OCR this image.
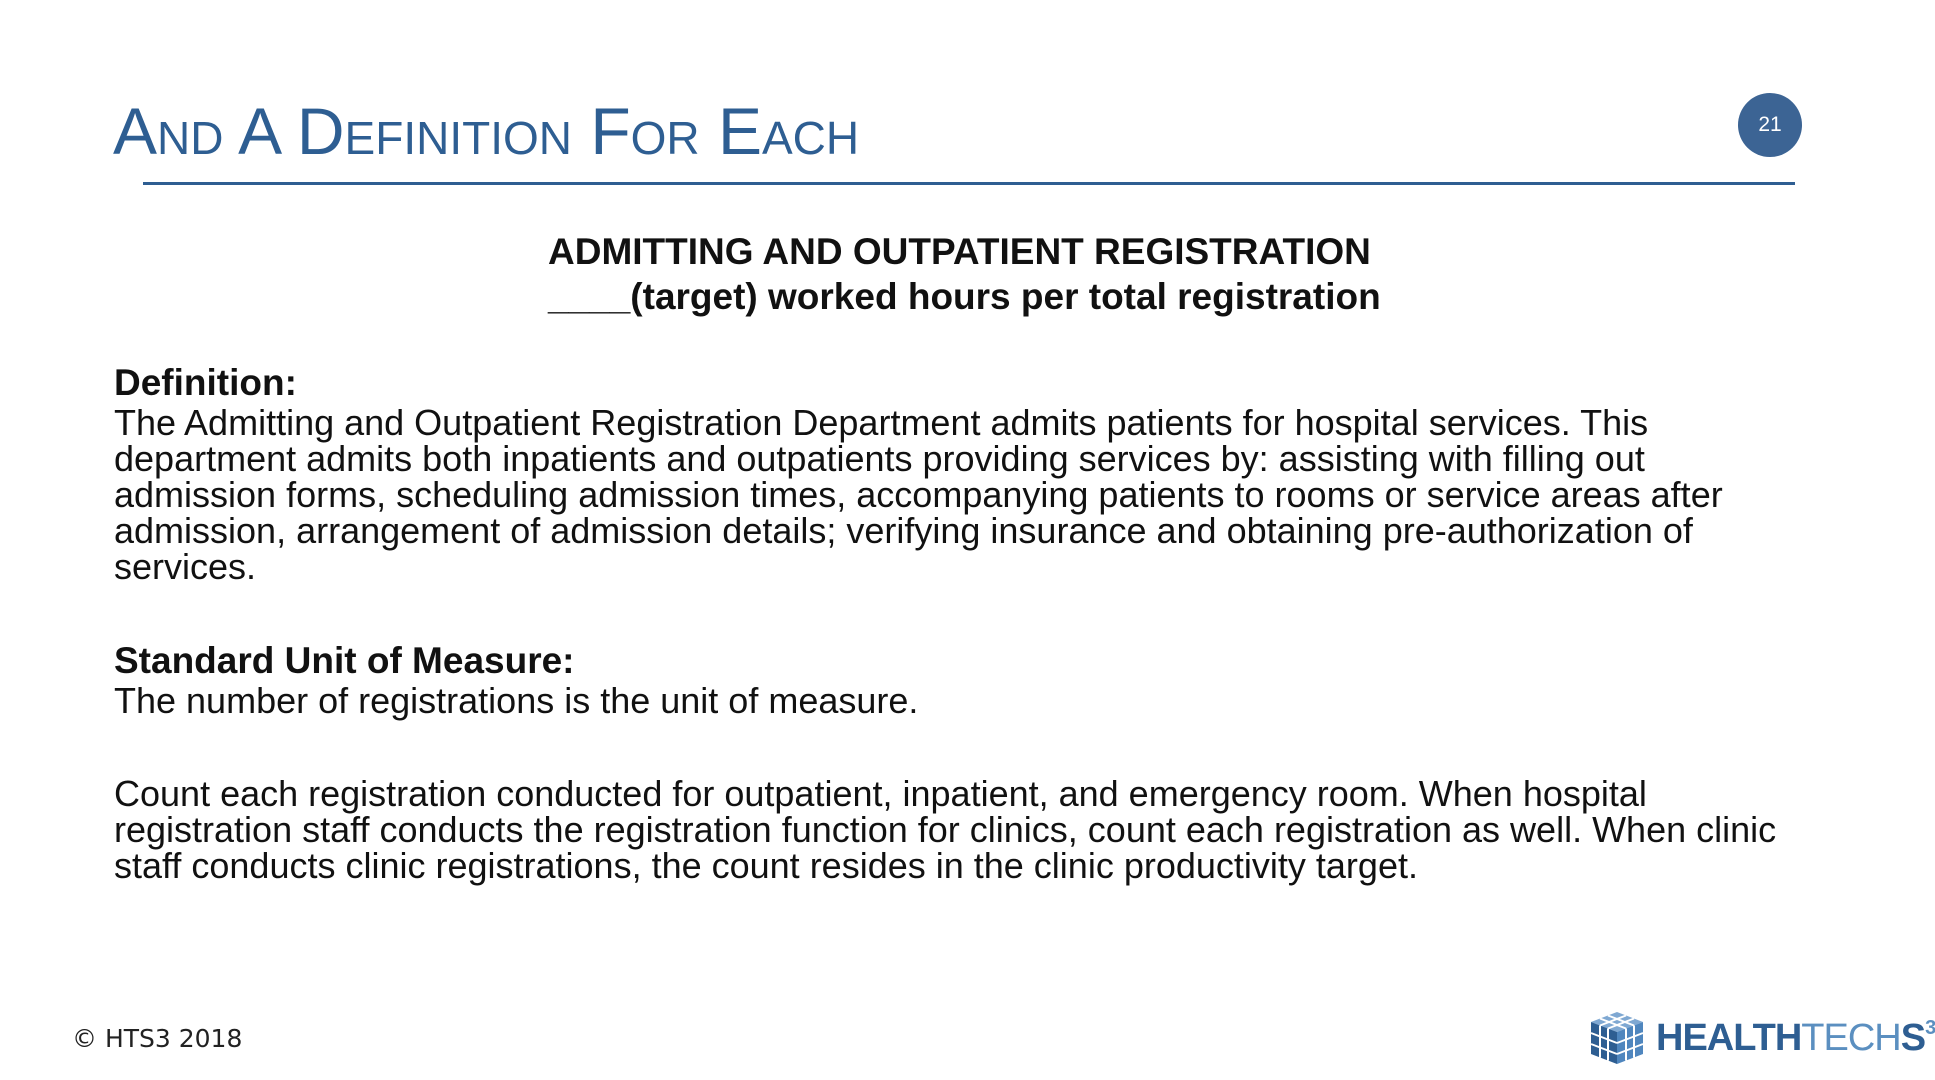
And A Definition For Each	21
ADMITTING AND OUTPATIENT REGISTRATION
____(target) worked hours per total registration
Definition:
The Admitting and Outpatient Registration Department admits patients for hospital services. This department admits both inpatients and outpatients providing services by: assisting with filling out admission forms, scheduling admission times, accompanying patients to rooms or service areas after admission, arrangement of admission details; verifying insurance and obtaining pre-authorization of services.
Standard Unit of Measure:
The number of registrations is the unit of measure.
Count each registration conducted for outpatient, inpatient, and emergency room. When hospital registration staff conducts the registration function for clinics, count each registration as well. When clinic staff conducts clinic registrations, the count resides in the clinic productivity target.
© HTS3 2018	HEALTHTECHS$^3$
